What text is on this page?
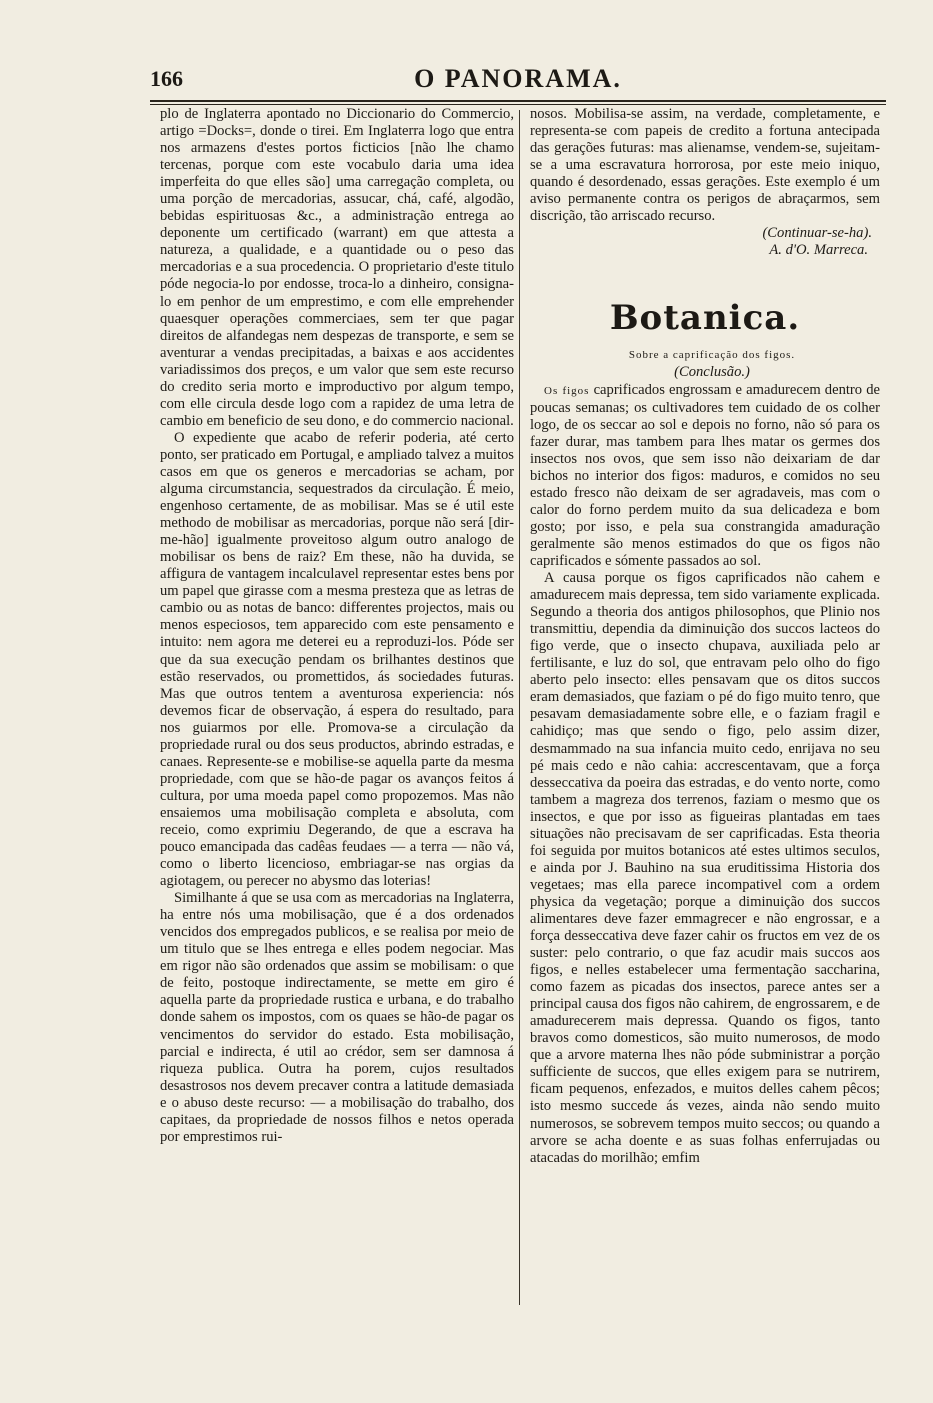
166	O PANORAMA.

plo de Inglaterra apontado no Diccionario do Commercio, artigo =Docks=, donde o tirei. Em Inglaterra logo que entra nos armazens d'estes portos ficticios [não lhe chamo tercenas, porque com este vocabulo daria uma idea imperfeita do que elles são] uma carregação completa, ou uma porção de mercadorias, assucar, chá, café, algodão, bebidas espirituosas &c., a administração entrega ao deponente um certificado (warrant) em que attesta a natureza, a qualidade, e a quantidade ou o peso das mercadorias e a sua procedencia. O proprietario d'este titulo póde negocia-lo por endosse, troca-lo a dinheiro, consigna-lo em penhor de um emprestimo, e com elle emprehender quaesquer operações commerciaes, sem ter que pagar direitos de alfandegas nem despezas de transporte, e sem se aventurar a vendas precipitadas, a baixas e aos accidentes variadissimos dos preços, e um valor que sem este recurso do credito seria morto e improductivo por algum tempo, com elle circula desde logo com a rapidez de uma letra de cambio em beneficio de seu dono, e do commercio nacional.

O expediente que acabo de referir poderia, até certo ponto, ser praticado em Portugal, e ampliado talvez a muitos casos em que os generos e mercadorias se acham, por alguma circumstancia, sequestrados da circulação. É meio, engenhoso certamente, de as mobilisar. Mas se é util este methodo de mobilisar as mercadorias, porque não será [dir-me-hão] igualmente proveitoso algum outro analogo de mobilisar os bens de raiz? Em these, não ha duvida, se affigura de vantagem incalculavel representar estes bens por um papel que girasse com a mesma presteza que as letras de cambio ou as notas de banco: differentes projectos, mais ou menos especiosos, tem apparecido com este pensamento e intuito: nem agora me deterei eu a reproduzi-los. Póde ser que da sua execução pendam os brilhantes destinos que estão reservados, ou promettidos, ás sociedades futuras. Mas que outros tentem a aventurosa experiencia: nós devemos ficar de observação, á espera do resultado, para nos guiarmos por elle. Promova-se a circulação da propriedade rural ou dos seus productos, abrindo estradas, e canaes. Represente-se e mobilise-se aquella parte da mesma propriedade, com que se hão-de pagar os avanços feitos á cultura, por uma moeda papel como propozemos. Mas não ensaiemos uma mobilisação completa e absoluta, com receio, como exprimiu Degerando, de que a escrava ha pouco emancipada das cadêas feudaes — a terra — não vá, como o liberto licencioso, embriagar-se nas orgias da agiotagem, ou perecer no abysmo das loterias!

Similhante á que se usa com as mercadorias na Inglaterra, ha entre nós uma mobilisação, que é a dos ordenados vencidos dos empregados publicos, e se realisa por meio de um titulo que se lhes entrega e elles podem negociar. Mas em rigor não são ordenados que assim se mobilisam: o que de feito, postoque indirectamente, se mette em giro é aquella parte da propriedade rustica e urbana, e do trabalho donde sahem os impostos, com os quaes se hão-de pagar os vencimentos do servidor do estado. Esta mobilisação, parcial e indirecta, é util ao crédor, sem ser damnosa á riqueza publica. Outra ha porem, cujos resultados desastrosos nos devem precaver contra a latitude demasiada e o abuso deste recurso: — a mobilisação do trabalho, dos capitaes, da propriedade de nossos filhos e netos operada por emprestimos rui-

nosos. Mobilisa-se assim, na verdade, completamente, e representa-se com papeis de credito a fortuna antecipada das gerações futuras: mas alienamse, vendem-se, sujeitam-se a uma escravatura horrorosa, por este meio iniquo, quando é desordenado, essas gerações. Este exemplo é um aviso permanente contra os perigos de abraçarmos, sem discrição, tão arriscado recurso.

(Continuar-se-ha).

A. d'O. Marreca.

Botanica.

Sobre a caprificação dos figos.

(Conclusão.)

Os figos caprificados engrossam e amadurecem dentro de poucas semanas; os cultivadores tem cuidado de os colher logo, de os seccar ao sol e depois no forno, não só para os fazer durar, mas tambem para lhes matar os germes dos insectos nos ovos, que sem isso não deixariam de dar bichos no interior dos figos: maduros, e comidos no seu estado fresco não deixam de ser agradaveis, mas com o calor do forno perdem muito da sua delicadeza e bom gosto; por isso, e pela sua constrangida amaduração geralmente são menos estimados do que os figos não caprificados e sómente passados ao sol.

A causa porque os figos caprificados não cahem e amadurecem mais depressa, tem sido variamente explicada. Segundo a theoria dos antigos philosophos, que Plinio nos transmittiu, dependia da diminuição dos succos lacteos do figo verde, que o insecto chupava, auxiliada pelo ar fertilisante, e luz do sol, que entravam pelo olho do figo aberto pelo insecto: elles pensavam que os ditos succos eram demasiados, que faziam o pé do figo muito tenro, que pesavam demasiadamente sobre elle, e o faziam fragil e cahidiço; mas que sendo o figo, pelo assim dizer, desmammado na sua infancia muito cedo, enrijava no seu pé mais cedo e não cahia: accrescentavam, que a força desseccativa da poeira das estradas, e do vento norte, como tambem a magreza dos terrenos, faziam o mesmo que os insectos, e que por isso as figueiras plantadas em taes situações não precisavam de ser caprificadas. Esta theoria foi seguida por muitos botanicos até estes ultimos seculos, e ainda por J. Bauhino na sua eruditissima Historia dos vegetaes; mas ella parece incompativel com a ordem physica da vegetação; porque a diminuição dos succos alimentares deve fazer emmagrecer e não engrossar, e a força desseccativa deve fazer cahir os fructos em vez de os suster: pelo contrario, o que faz acudir mais succos aos figos, e nelles estabelecer uma fermentação saccharina, como fazem as picadas dos insectos, parece antes ser a principal causa dos figos não cahirem, de engrossarem, e de amadurecerem mais depressa. Quando os figos, tanto bravos como domesticos, são muito numerosos, de modo que a arvore materna lhes não póde subministrar a porção sufficiente de succos, que elles exigem para se nutrirem, ficam pequenos, enfezados, e muitos delles cahem pêcos; isto mesmo succede ás vezes, ainda não sendo muito numerosos, se sobrevem tempos muito seccos; ou quando a arvore se acha doente e as suas folhas enferrujadas ou atacadas do morilhão; emfim
